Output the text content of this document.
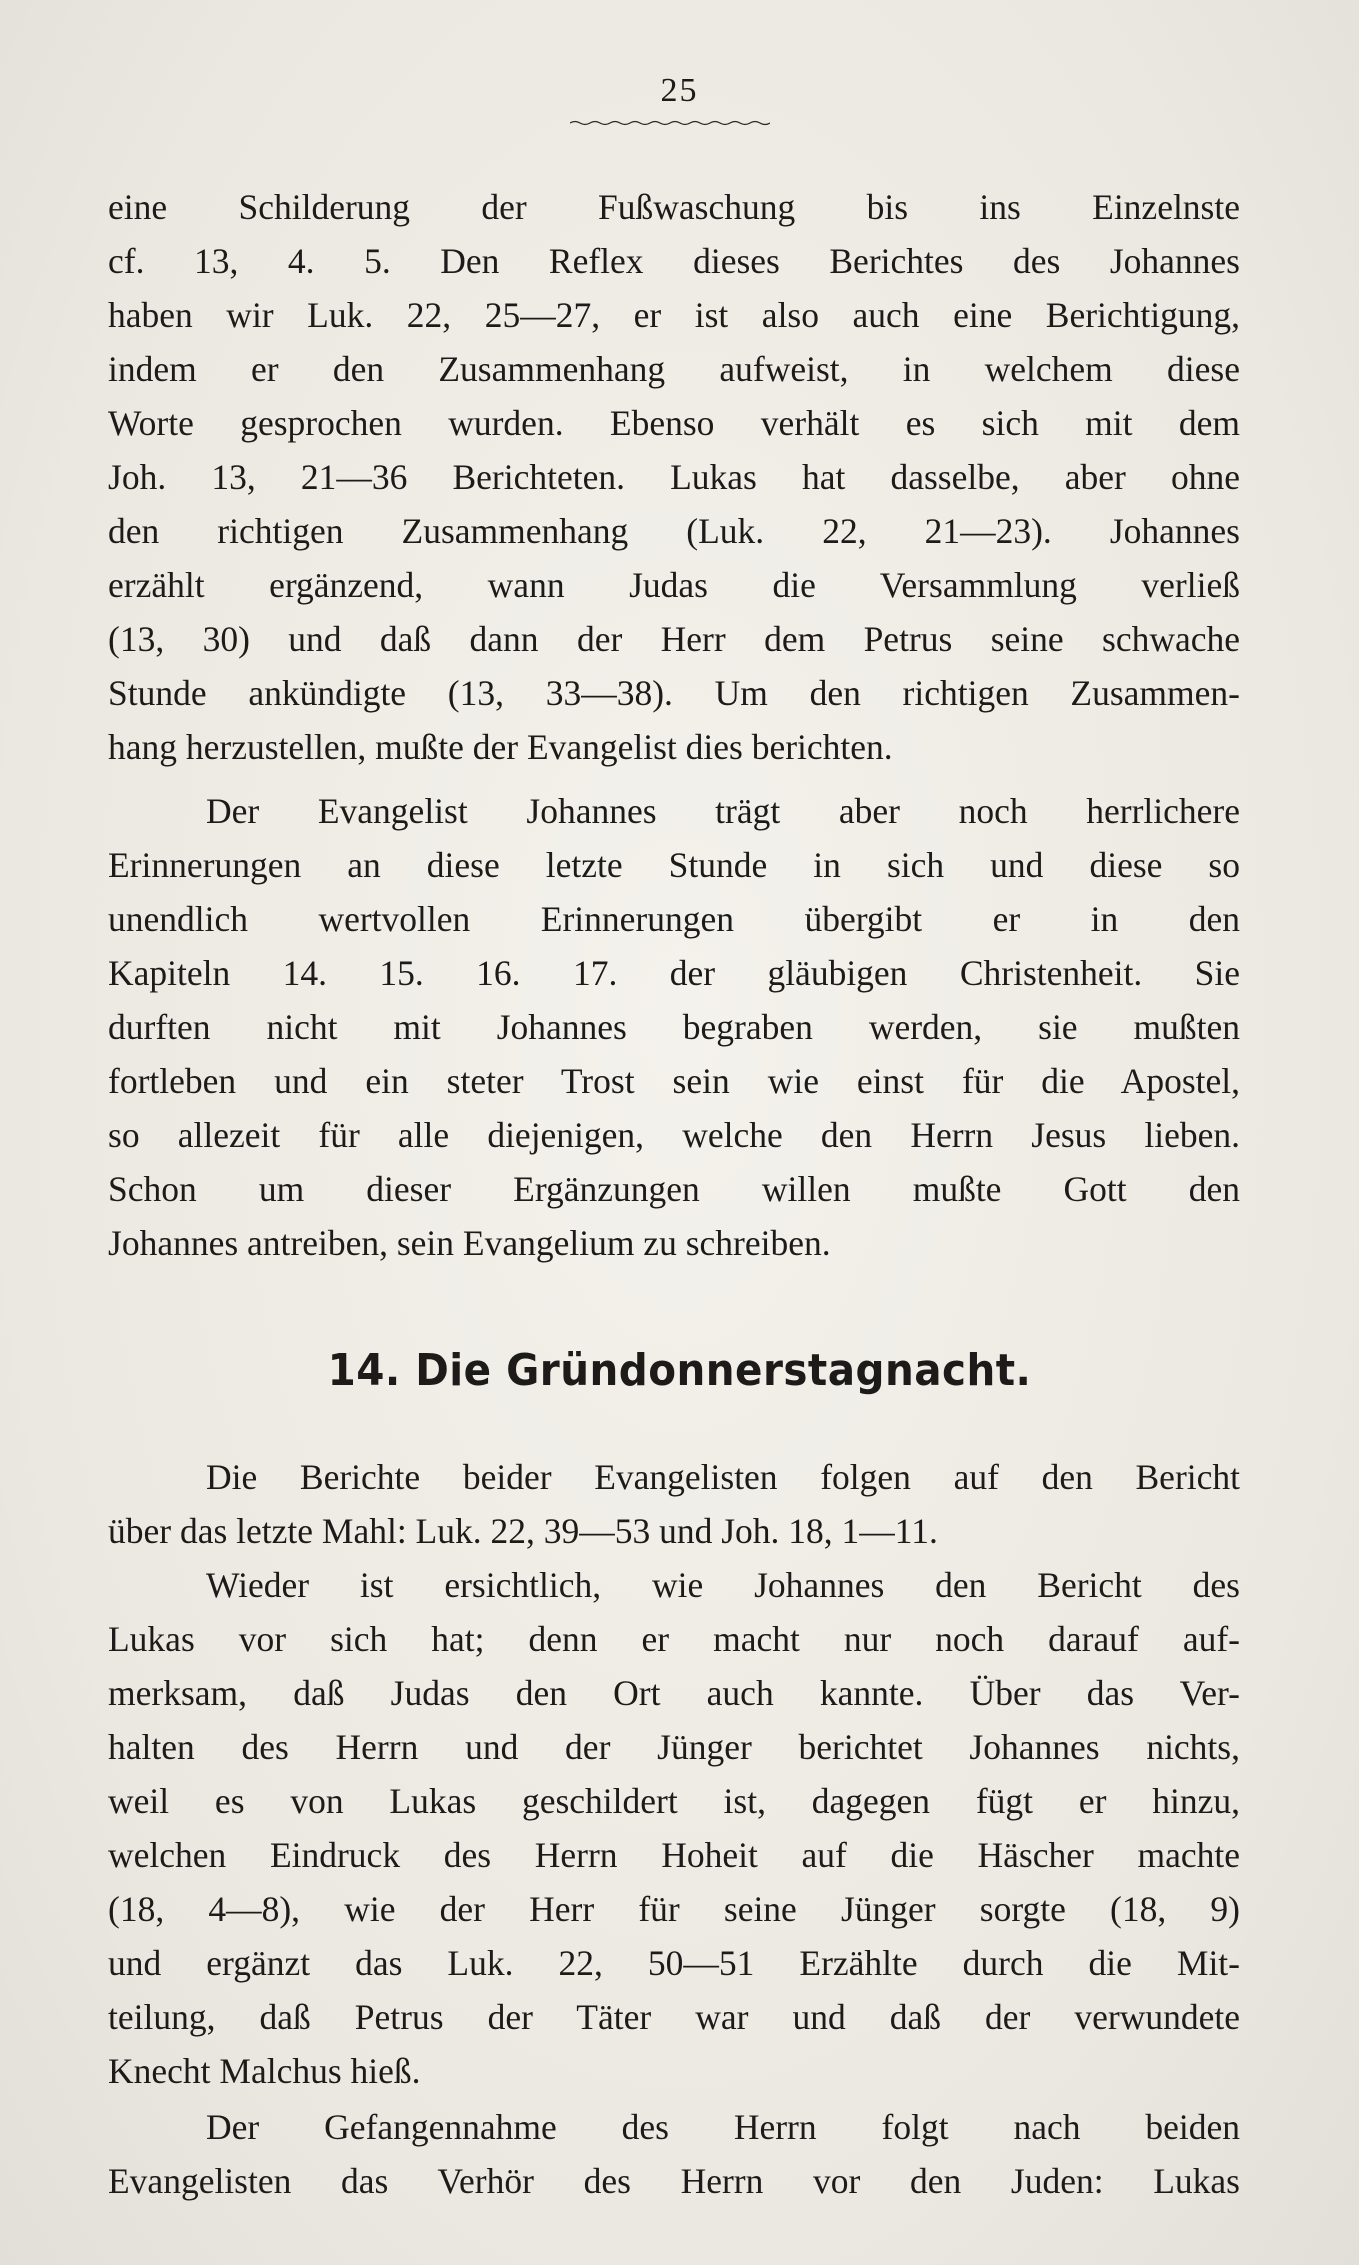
25
eine Schilderung der Fußwaschung bis ins Einzelnste
cf. 13, 4. 5. Den Reflex dieses Berichtes des Johannes
haben wir Luk. 22, 25—27, er ist also auch eine Berichtigung,
indem er den Zusammenhang aufweist, in welchem diese
Worte gesprochen wurden. Ebenso verhält es sich mit dem
Joh. 13, 21—36 Berichteten. Lukas hat dasselbe, aber ohne
den richtigen Zusammenhang (Luk. 22, 21—23). Johannes
erzählt ergänzend, wann Judas die Versammlung verließ
(13, 30) und daß dann der Herr dem Petrus seine schwache
Stunde ankündigte (13, 33—38). Um den richtigen Zusammen-
hang herzustellen, mußte der Evangelist dies berichten.
Der Evangelist Johannes trägt aber noch herrlichere
Erinnerungen an diese letzte Stunde in sich und diese so
unendlich wertvollen Erinnerungen übergibt er in den
Kapiteln 14. 15. 16. 17. der gläubigen Christenheit. Sie
durften nicht mit Johannes begraben werden, sie mußten
fortleben und ein steter Trost sein wie einst für die Apostel,
so allezeit für alle diejenigen, welche den Herrn Jesus lieben.
Schon um dieser Ergänzungen willen mußte Gott den
Johannes antreiben, sein Evangelium zu schreiben.
14. Die Gründonnerstagnacht.
Die Berichte beider Evangelisten folgen auf den Bericht
über das letzte Mahl: Luk. 22, 39—53 und Joh. 18, 1—11.
Wieder ist ersichtlich, wie Johannes den Bericht des
Lukas vor sich hat; denn er macht nur noch darauf auf-
merksam, daß Judas den Ort auch kannte. Über das Ver-
halten des Herrn und der Jünger berichtet Johannes nichts,
weil es von Lukas geschildert ist, dagegen fügt er hinzu,
welchen Eindruck des Herrn Hoheit auf die Häscher machte
(18, 4—8), wie der Herr für seine Jünger sorgte (18, 9)
und ergänzt das Luk. 22, 50—51 Erzählte durch die Mit-
teilung, daß Petrus der Täter war und daß der verwundete
Knecht Malchus hieß.
Der Gefangennahme des Herrn folgt nach beiden
Evangelisten das Verhör des Herrn vor den Juden: Lukas
